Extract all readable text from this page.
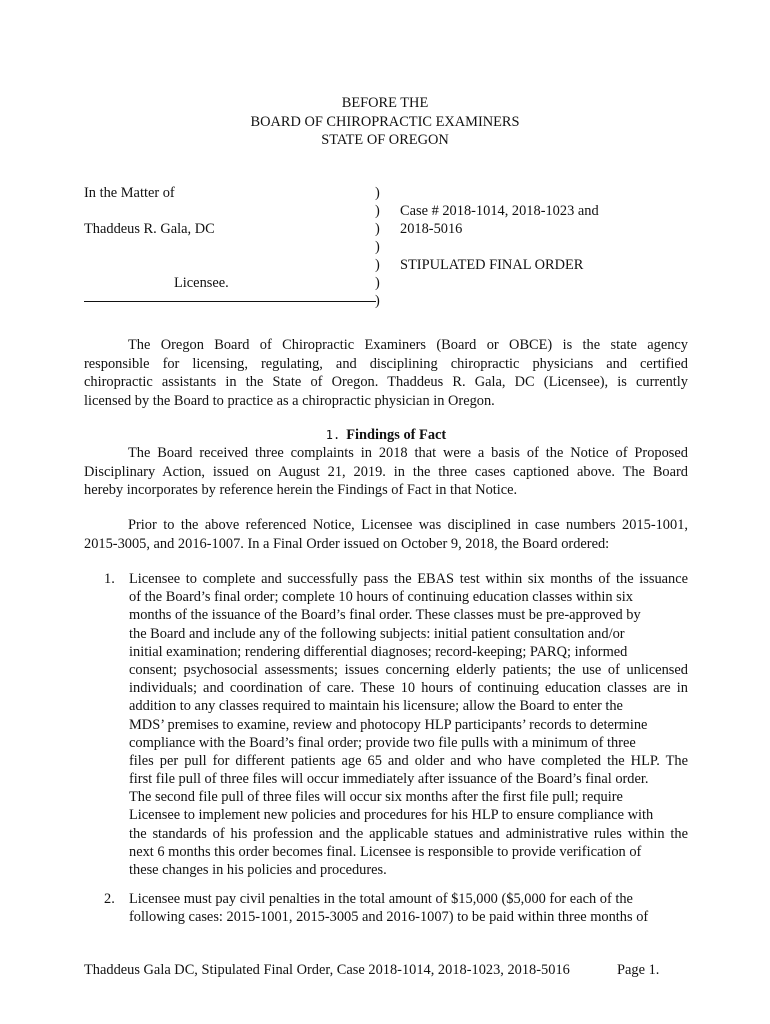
BEFORE THE
BOARD OF CHIROPRACTIC EXAMINERS
STATE OF OREGON
In the Matter of
Thaddeus R. Gala, DC
Licensee.
)
)
)
)
)
)
)
Case # 2018-1014, 2018-1023 and
2018-5016
STIPULATED FINAL ORDER
The Oregon Board of Chiropractic Examiners (Board or OBCE) is the state agency
responsible for licensing, regulating, and disciplining chiropractic physicians and certified
chiropractic assistants in the State of Oregon. Thaddeus R. Gala, DC (Licensee), is currently
licensed by the Board to practice as a chiropractic physician in Oregon.
1. Findings of Fact
The Board received three complaints in 2018 that were a basis of the Notice of Proposed
Disciplinary Action, issued on August 21, 2019. in the three cases captioned above. The Board
hereby incorporates by reference herein the Findings of Fact in that Notice.
Prior to the above referenced Notice, Licensee was disciplined in case numbers 2015-1001,
2015-3005, and 2016-1007. In a Final Order issued on October 9, 2018, the Board ordered:
1. Licensee to complete and successfully pass the EBAS test within six months of the issuance
of the Board’s final order; complete 10 hours of continuing education classes within six
months of the issuance of the Board’s final order. These classes must be pre-approved by
the Board and include any of the following subjects: initial patient consultation and/or
initial examination; rendering differential diagnoses; record-keeping; PARQ; informed
consent; psychosocial assessments; issues concerning elderly patients; the use of unlicensed
individuals; and coordination of care. These 10 hours of continuing education classes are in
addition to any classes required to maintain his licensure; allow the Board to enter the
MDS’ premises to examine, review and photocopy HLP participants’ records to determine
compliance with the Board’s final order; provide two file pulls with a minimum of three
files per pull for different patients age 65 and older and who have completed the HLP. The
first file pull of three files will occur immediately after issuance of the Board’s final order.
The second file pull of three files will occur six months after the first file pull; require
Licensee to implement new policies and procedures for his HLP to ensure compliance with
the standards of his profession and the applicable statues and administrative rules within the
next 6 months this order becomes final. Licensee is responsible to provide verification of
these changes in his policies and procedures.
2. Licensee must pay civil penalties in the total amount of $15,000 ($5,000 for each of the
following cases: 2015-1001, 2015-3005 and 2016-1007) to be paid within three months of
Thaddeus Gala DC, Stipulated Final Order, Case 2018-1014, 2018-1023, 2018-5016	Page 1.
